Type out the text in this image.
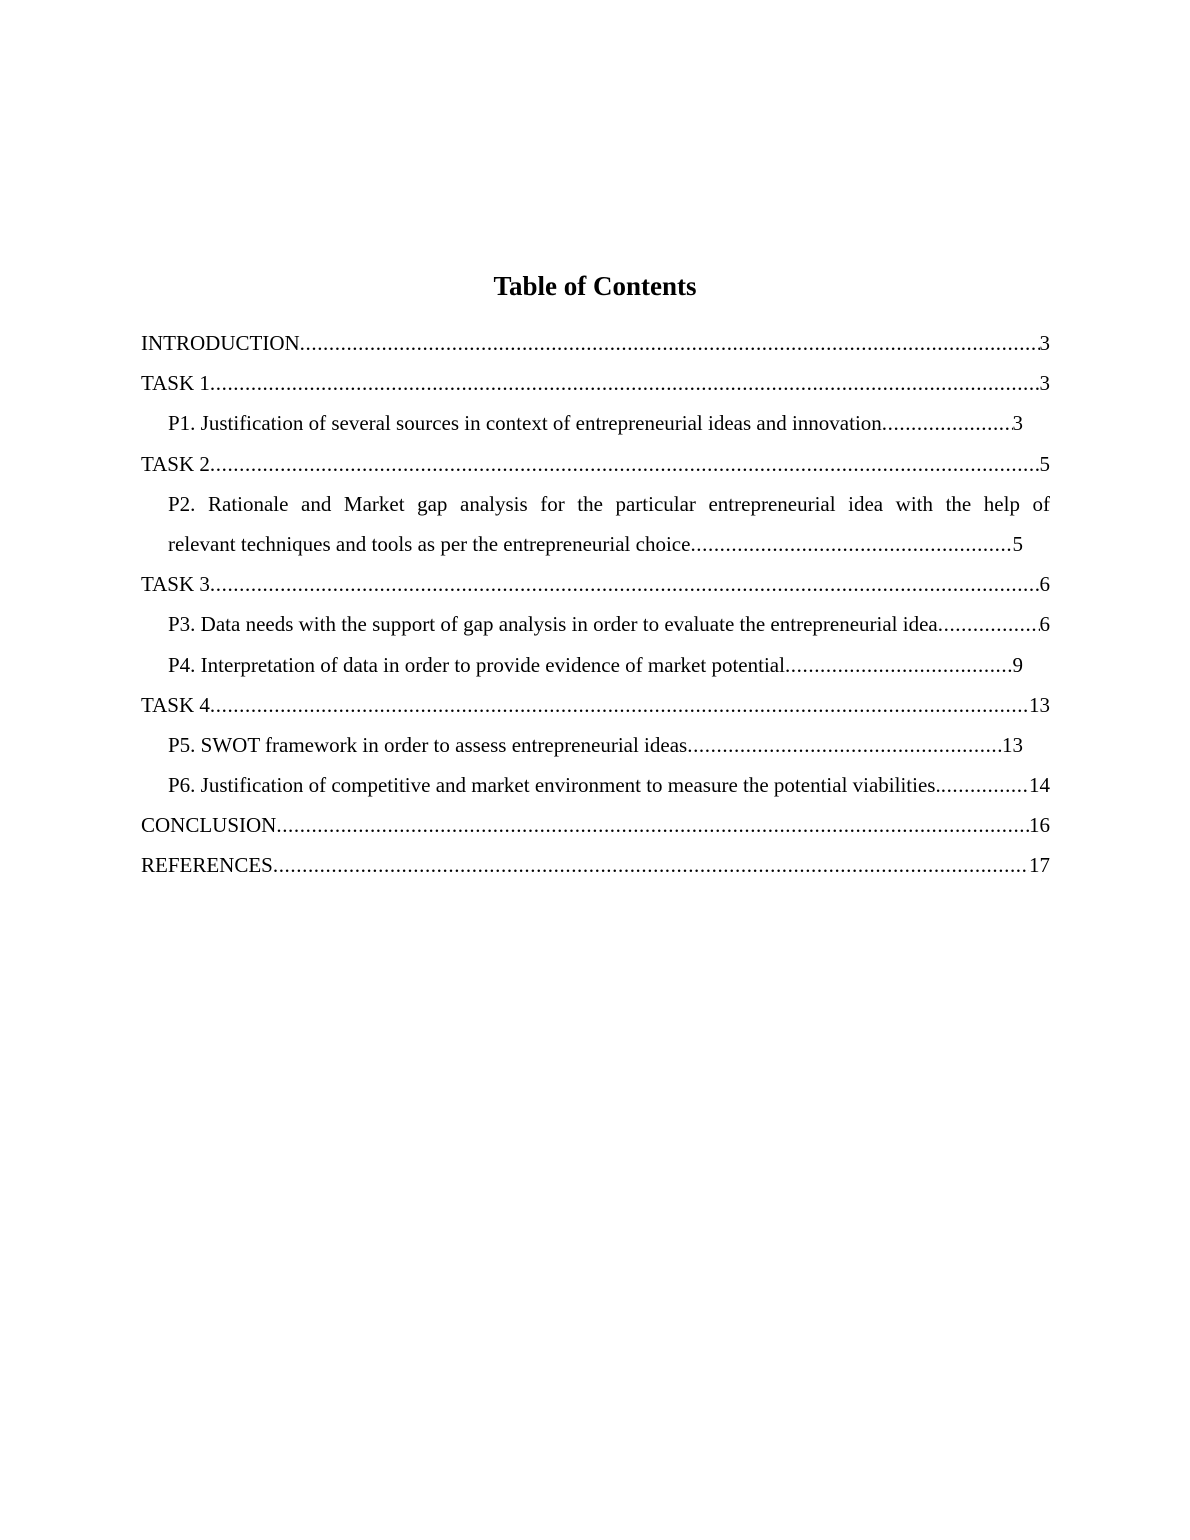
Table of Contents
INTRODUCTION .....	3
TASK 1 .....	3
P1. Justification of several sources in context of entrepreneurial ideas and innovation .....	3
TASK 2 .....	5
P2. Rationale and Market gap analysis for the particular entrepreneurial idea with the help of
relevant techniques and tools as per the entrepreneurial choice .....	5
TASK 3 .....	6
P3. Data needs with the support of gap analysis in order to evaluate the entrepreneurial idea .....	6
P4. Interpretation of data in order to provide evidence of market potential .....	9
TASK 4 .....	13
P5. SWOT framework in order to assess entrepreneurial ideas .....	13
P6. Justification of competitive and market environment to measure the potential viabilities. .....	14
CONCLUSION .....	16
REFERENCES .....	17
